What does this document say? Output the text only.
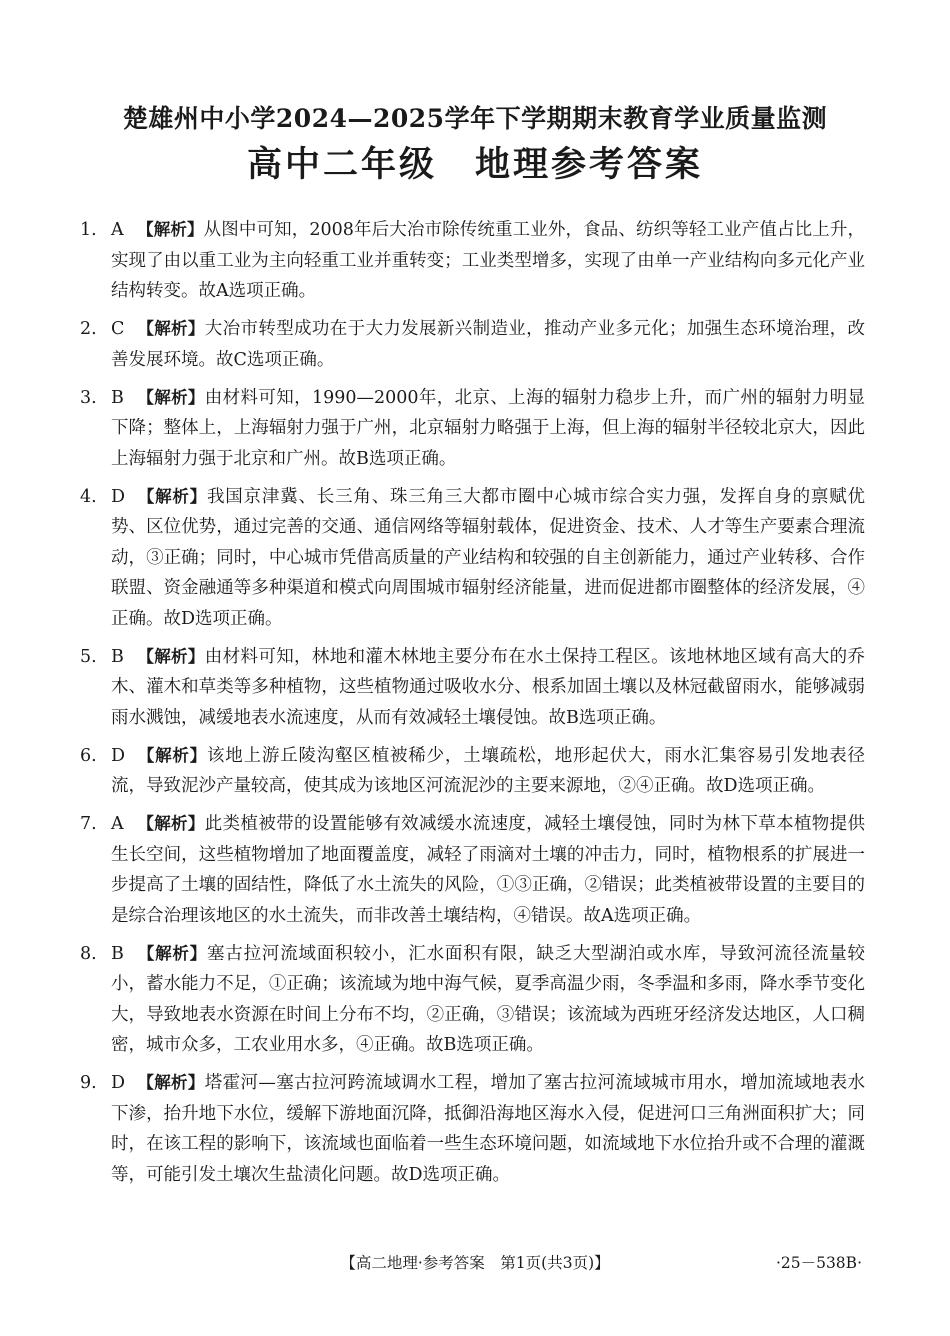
楚雄州中小学2024—2025学年下学期期末教育学业质量监测
高中二年级 地理参考答案
1. A 【解析】从图中可知，2008年后大冶市除传统重工业外，食品、纺织等轻工业产值占比上升，实现了由以重工业为主向轻重工业并重转变；工业类型增多，实现了由单一产业结构向多元化产业结构转变。故A选项正确。
2. C 【解析】大冶市转型成功在于大力发展新兴制造业，推动产业多元化；加强生态环境治理，改善发展环境。故C选项正确。
3. B 【解析】由材料可知，1990—2000年，北京、上海的辐射力稳步上升，而广州的辐射力明显下降；整体上，上海辐射力强于广州，北京辐射力略强于上海，但上海的辐射半径较北京大，因此上海辐射力强于北京和广州。故B选项正确。
4. D 【解析】我国京津冀、长三角、珠三角三大都市圈中心城市综合实力强，发挥自身的禀赋优势、区位优势，通过完善的交通、通信网络等辐射载体，促进资金、技术、人才等生产要素合理流动，③正确；同时，中心城市凭借高质量的产业结构和较强的自主创新能力，通过产业转移、合作联盟、资金融通等多种渠道和模式向周围城市辐射经济能量，进而促进都市圈整体的经济发展，④正确。故D选项正确。
5. B 【解析】由材料可知，林地和灌木林地主要分布在水土保持工程区。该地林地区域有高大的乔木、灌木和草类等多种植物，这些植物通过吸收水分、根系加固土壤以及林冠截留雨水，能够减弱雨水溅蚀，减缓地表水流速度，从而有效减轻土壤侵蚀。故B选项正确。
6. D 【解析】该地上游丘陵沟壑区植被稀少，土壤疏松，地形起伏大，雨水汇集容易引发地表径流，导致泥沙产量较高，使其成为该地区河流泥沙的主要来源地，②④正确。故D选项正确。
7. A 【解析】此类植被带的设置能够有效减缓水流速度，减轻土壤侵蚀，同时为林下草本植物提供生长空间，这些植物增加了地面覆盖度，减轻了雨滴对土壤的冲击力，同时，植物根系的扩展进一步提高了土壤的固结性，降低了水土流失的风险，①③正确，②错误；此类植被带设置的主要目的是综合治理该地区的水土流失，而非改善土壤结构，④错误。故A选项正确。
8. B 【解析】塞古拉河流域面积较小，汇水面积有限，缺乏大型湖泊或水库，导致河流径流量较小，蓄水能力不足，①正确；该流域为地中海气候，夏季高温少雨，冬季温和多雨，降水季节变化大，导致地表水资源在时间上分布不均，②正确，③错误；该流域为西班牙经济发达地区，人口稠密，城市众多，工农业用水多，④正确。故B选项正确。
9. D 【解析】塔霍河—塞古拉河跨流域调水工程，增加了塞古拉河流域城市用水，增加流域地表水下渗，抬升地下水位，缓解下游地面沉降，抵御沿海地区海水入侵，促进河口三角洲面积扩大；同时，在该工程的影响下，该流域也面临着一些生态环境问题，如流域地下水位抬升或不合理的灌溉等，可能引发土壤次生盐渍化问题。故D选项正确。
【高二地理·参考答案　第1页(共3页)】	·25－538B·
